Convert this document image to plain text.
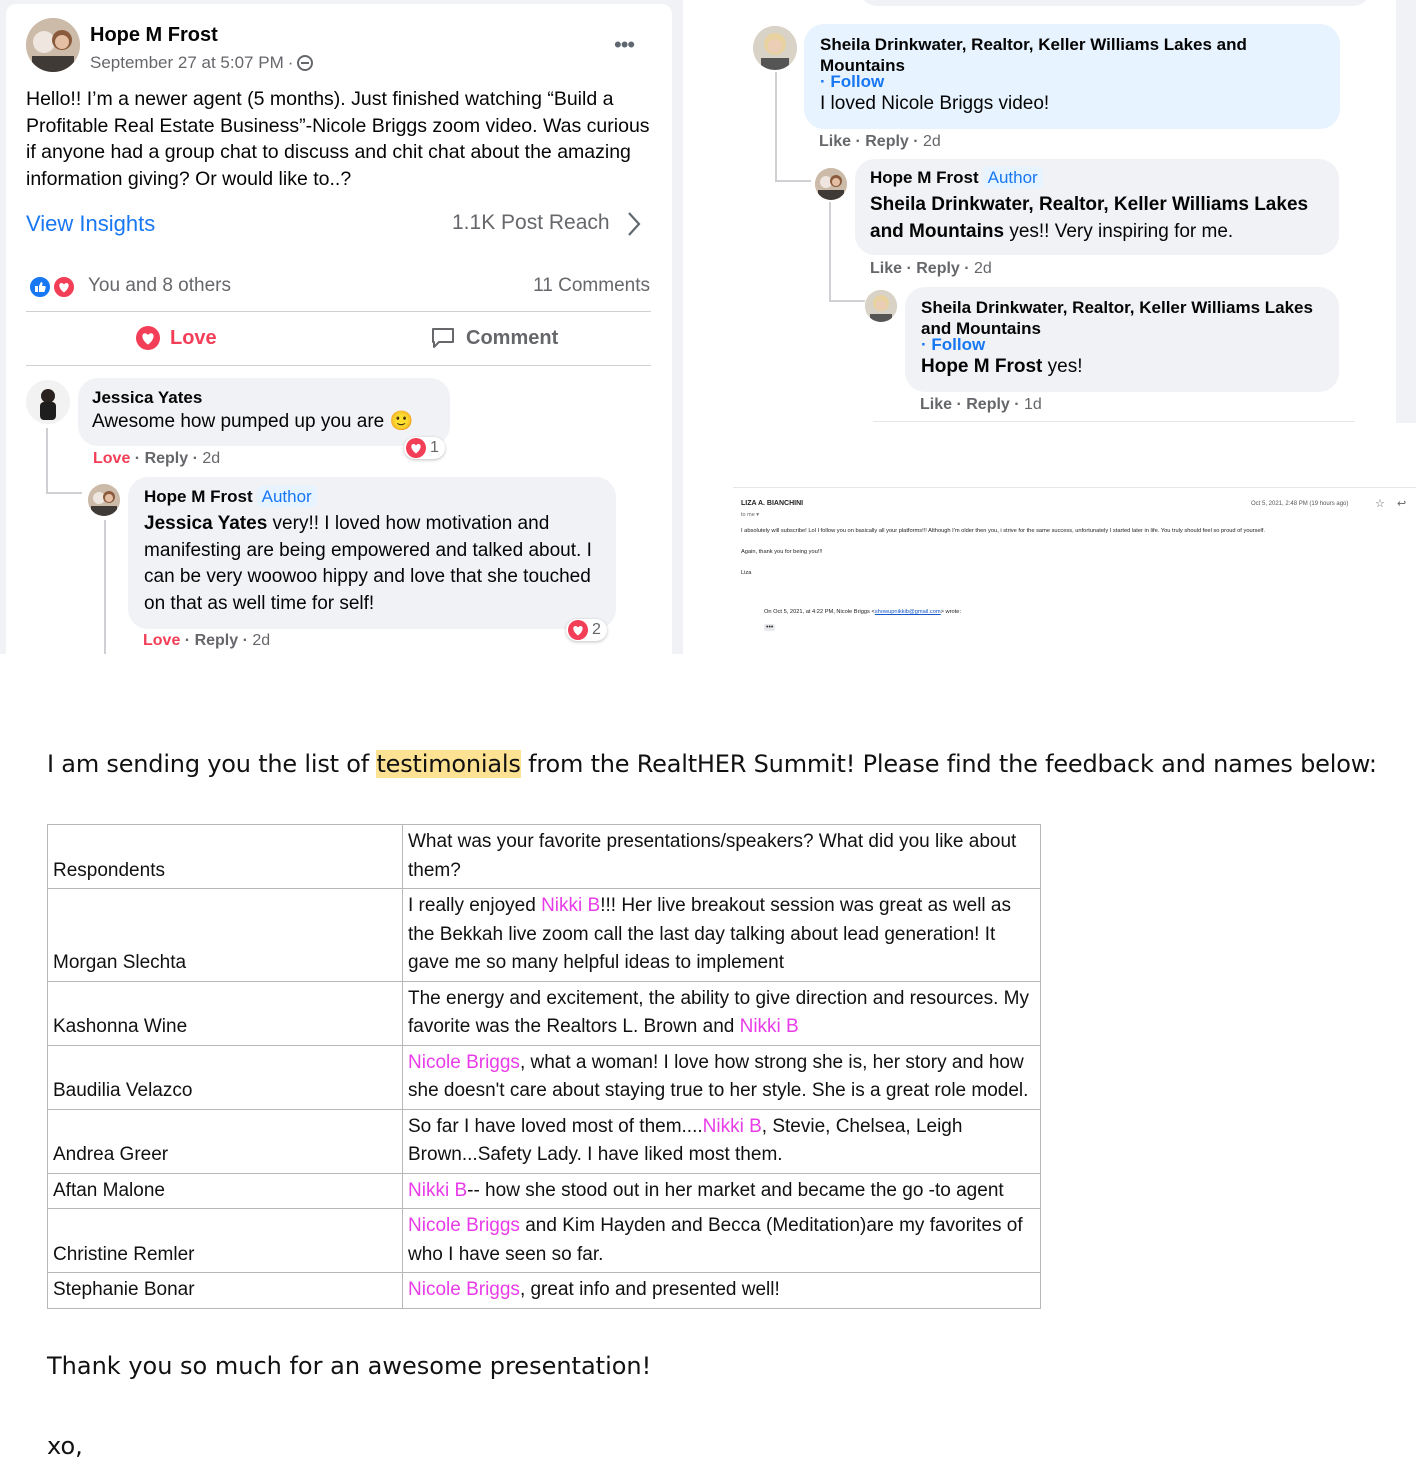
Hope M Frost
September 27 at 5:07 PM ·
•••
Hello!! I’m a newer agent (5 months). Just finished watching “Build a Profitable Real Estate Business”-Nicole Briggs zoom video. Was curious if anyone had a group chat to discuss and chit chat about the amazing information giving? Or would like to..?
View Insights	1.1K Post Reach
You and 8 others	11 Comments
Love	Comment
Jessica Yates
Awesome how pumped up you are 🙂
1
Love · Reply · 2d
Hope M Frost Author
Jessica Yates very!! I loved how motivation and manifesting are being empowered and talked about. I can be very woowoo hippy and love that she touched on that as well time for self!
2
Love · Reply · 2d
Sheila Drinkwater, Realtor, Keller Williams Lakes and Mountains
· Follow
I loved Nicole Briggs video!
Like · Reply · 2d
Hope M Frost Author
Sheila Drinkwater, Realtor, Keller Williams Lakes and Mountains yes!! Very inspiring for me.
Like · Reply · 2d
Sheila Drinkwater, Realtor, Keller Williams Lakes and Mountains
· Follow
Hope M Frost yes!
Like · Reply · 1d
LIZA A. BIANCHINI
to me ▾
Oct 5, 2021, 2:48 PM (19 hours ago) ☆ ↩
I absolutely will subscribe! Lol I follow you on basically all your platforms!!! Although I'm older then you, i strive for the same success, unfortunately I started later in life. You truly should feel so proud of yourself.
Again, thank you for being you!!!
Liza
On Oct 5, 2021, at 4:22 PM, Nicole Briggs <showupnikkib@gmail.com> wrote:
•••
I am sending you the list of testimonials from the RealtHER Summit! Please find the feedback and names below:
Respondents	What was your favorite presentations/speakers? What did you like about them?
Morgan Slechta	I really enjoyed Nikki B!!! Her live breakout session was great as well as the Bekkah live zoom call the last day talking about lead generation! It gave me so many helpful ideas to implement
Kashonna Wine	The energy and excitement, the ability to give direction and resources. My favorite was the Realtors L. Brown and Nikki B
Baudilia Velazco	Nicole Briggs, what a woman! I love how strong she is, her story and how she doesn't care about staying true to her style. She is a great role model.
Andrea Greer	So far I have loved most of them....Nikki B, Stevie, Chelsea, Leigh Brown...Safety Lady. I have liked most them.
Aftan Malone	Nikki B-- how she stood out in her market and became the go -to agent
Christine Remler	Nicole Briggs and Kim Hayden and Becca (Meditation)are my favorites of who I have seen so far.
Stephanie Bonar	Nicole Briggs, great info and presented well!
Thank you so much for an awesome presentation!
xo,
